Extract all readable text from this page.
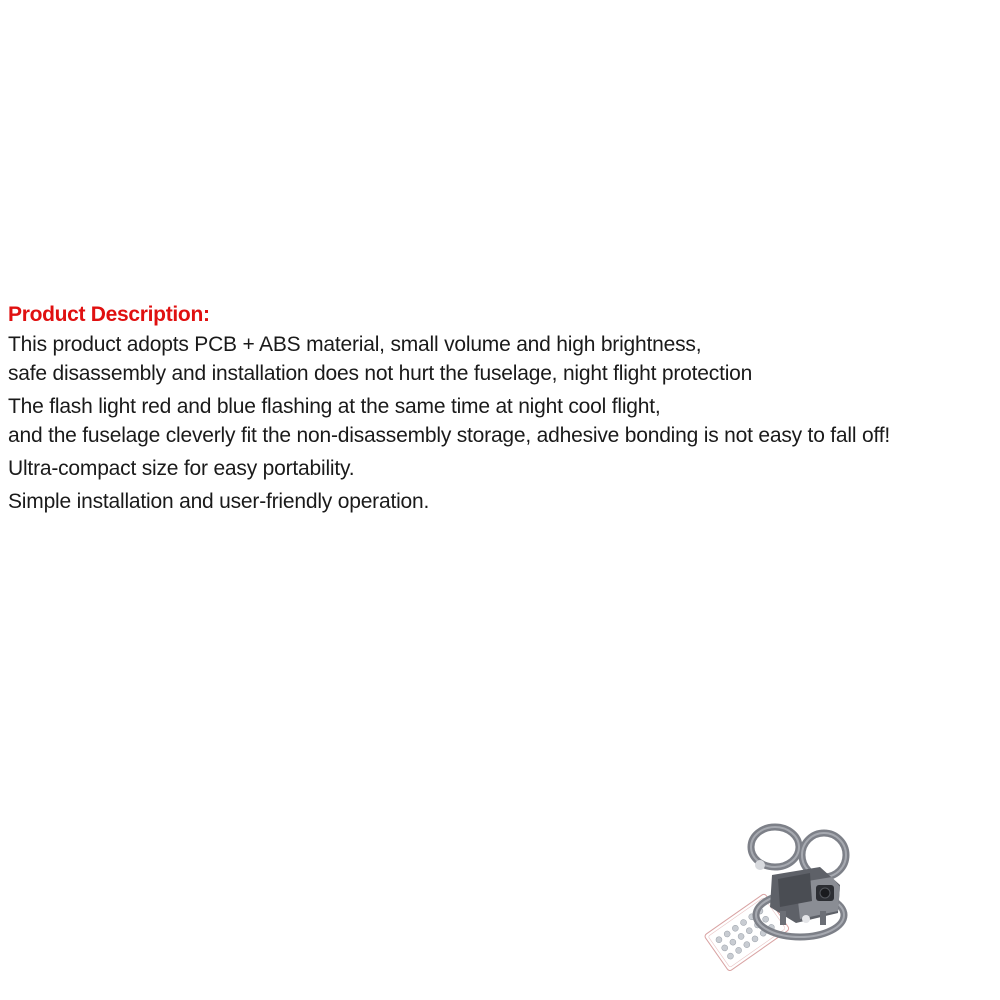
Product Description:

This product adopts PCB + ABS material, small volume and high brightness,
safe disassembly and installation does not hurt the fuselage, night flight protection

The flash light red and blue flashing at the same time at night cool flight,
and the fuselage cleverly fit the non-disassembly storage, adhesive bonding is not easy to fall off!

Ultra-compact size for easy portability.

Simple installation and user-friendly operation.
